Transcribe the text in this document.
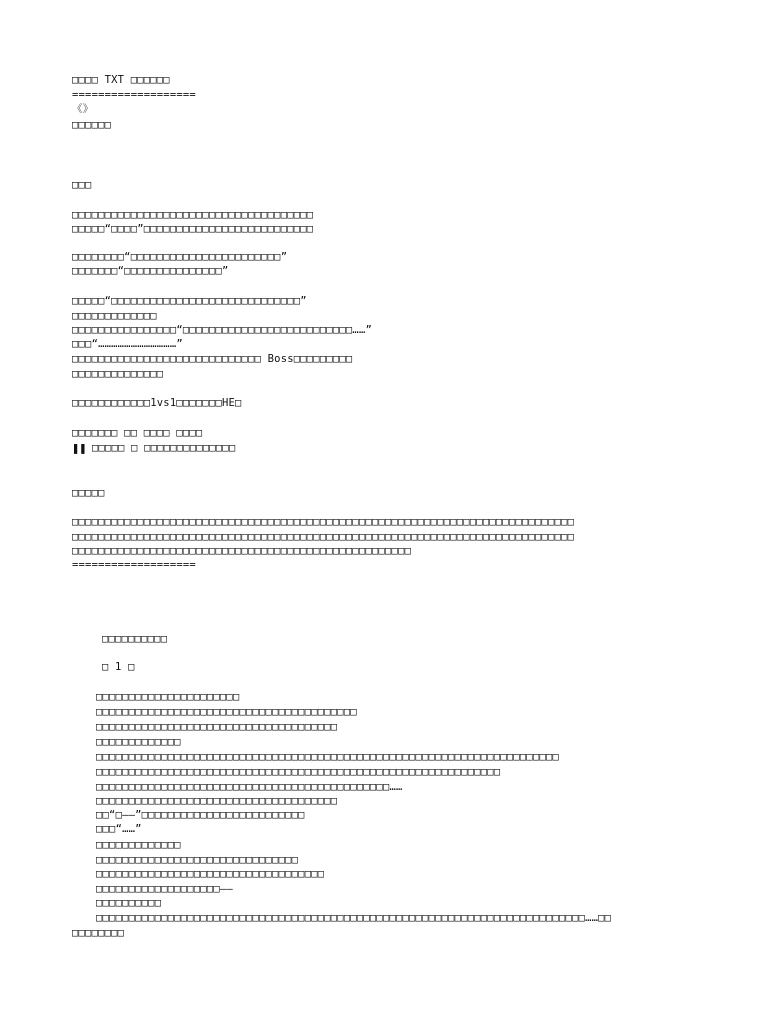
□□□□ TXT □□□□□□
===================
《》
□□□□□□
□□□
□□□□□□□□□□□□□□□□□□□□□□□□□□□□□□□□□□□□□
□□□□□“□□□□”□□□□□□□□□□□□□□□□□□□□□□□□□□
□□□□□□□□“□□□□□□□□□□□□□□□□□□□□□□□”
□□□□□□□“□□□□□□□□□□□□□□□”
□□□□□“□□□□□□□□□□□□□□□□□□□□□□□□□□□□□”
□□□□□□□□□□□□□
□□□□□□□□□□□□□□□□“□□□□□□□□□□□□□□□□□□□□□□□□□□……”
□□□“………………………………”
□□□□□□□□□□□□□□□□□□□□□□□□□□□□□ Boss□□□□□□□□□
□□□□□□□□□□□□□□
□□□□□□□□□□□□1vs1□□□□□□□HE□
□□□□□□□ □□ □□□□ □□□□
❚❚ □□□□□ □ □□□□□□□□□□□□□□
□□□□□
□□□□□□□□□□□□□□□□□□□□□□□□□□□□□□□□□□□□□□□□□□□□□□□□□□□□□□□□□□□□□□□□□□□□□□□□□□□□□
□□□□□□□□□□□□□□□□□□□□□□□□□□□□□□□□□□□□□□□□□□□□□□□□□□□□□□□□□□□□□□□□□□□□□□□□□□□□□
□□□□□□□□□□□□□□□□□□□□□□□□□□□□□□□□□□□□□□□□□□□□□□□□□□□□
===================
□□□□□□□□□□
□ 1 □
□□□□□□□□□□□□□□□□□□□□□□
□□□□□□□□□□□□□□□□□□□□□□□□□□□□□□□□□□□□□□□□
□□□□□□□□□□□□□□□□□□□□□□□□□□□□□□□□□□□□□
□□□□□□□□□□□□□
□□□□□□□□□□□□□□□□□□□□□□□□□□□□□□□□□□□□□□□□□□□□□□□□□□□□□□□□□□□□□□□□□□□□□□□
□□□□□□□□□□□□□□□□□□□□□□□□□□□□□□□□□□□□□□□□□□□□□□□□□□□□□□□□□□□□□□
□□□□□□□□□□□□□□□□□□□□□□□□□□□□□□□□□□□□□□□□□□□□□……
□□□□□□□□□□□□□□□□□□□□□□□□□□□□□□□□□□□□□
□□“□——”□□□□□□□□□□□□□□□□□□□□□□□□□
□□□“……”
□□□□□□□□□□□□□
□□□□□□□□□□□□□□□□□□□□□□□□□□□□□□□
□□□□□□□□□□□□□□□□□□□□□□□□□□□□□□□□□□□
□□□□□□□□□□□□□□□□□□□——
□□□□□□□□□□
□□□□□□□□□□□□□□□□□□□□□□□□□□□□□□□□□□□□□□□□□□□□□□□□□□□□□□□□□□□□□□□□□□□□□□□□□□□……□□
□□□□□□□□
